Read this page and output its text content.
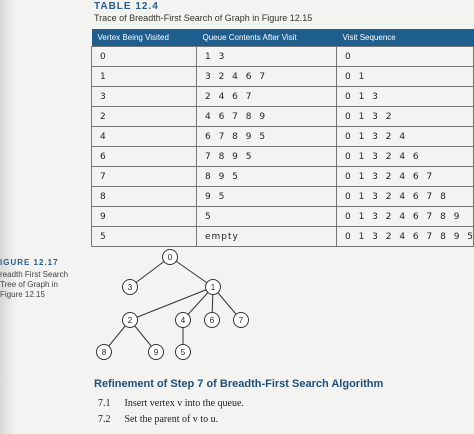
TABLE 12.4
Trace of Breadth-First Search of Graph in Figure 12.15
Vertex Being Visited	Queue Contents After Visit	Visit Sequence
0	1 3	0
1	3 2 4 6 7	0 1
3	2 4 6 7	0 1 3
2	4 6 7 8 9	0 1 3 2
4	6 7 8 9 5	0 1 3 2 4
6	7 8 9 5	0 1 3 2 4 6
7	8 9 5	0 1 3 2 4 6 7
8	9 5	0 1 3 2 4 6 7 8
9	5	0 1 3 2 4 6 7 8 9
5	empty	0 1 3 2 4 6 7 8 9 5
IGURE 12.17
readth First Search
Tree of Graph in
Figure 12.15
0
3	1
2	4	6	7
8	9	5
Refinement of Step 7 of Breadth-First Search Algorithm
7.1 Insert vertex v into the queue.
7.2 Set the parent of v to u.
